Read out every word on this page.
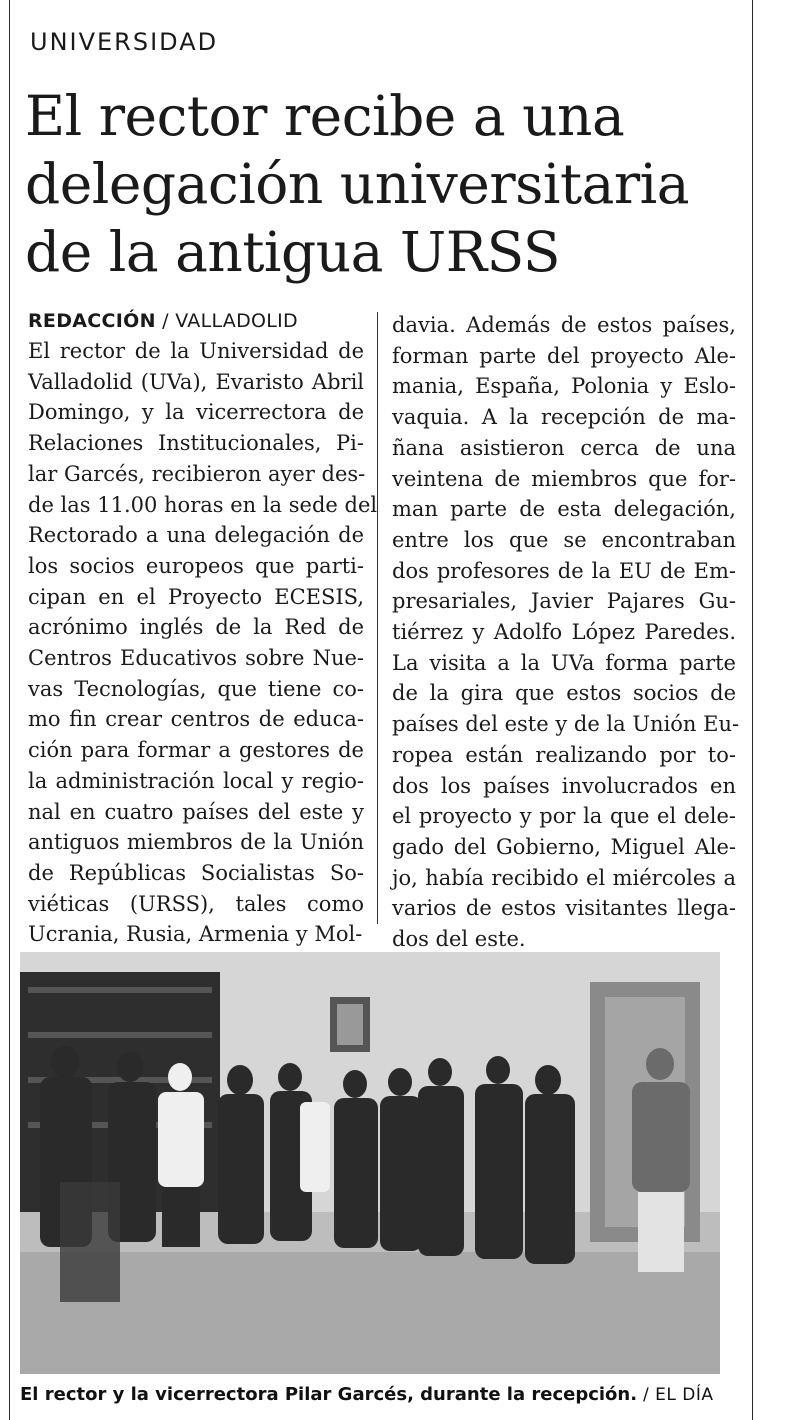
UNIVERSIDAD
El rector recibe a una
delegación universitaria
de la antigua URSS
REDACCIÓN / VALLADOLID
El rector de la Universidad de
Valladolid (UVa), Evaristo Abril
Domingo, y la vicerrectora de
Relaciones Institucionales, Pi-
lar Garcés, recibieron ayer des-
de las 11.00 horas en la sede del
Rectorado a una delegación de
los socios europeos que parti-
cipan en el Proyecto ECESIS,
acrónimo inglés de la Red de
Centros Educativos sobre Nue-
vas Tecnologías, que tiene co-
mo fin crear centros de educa-
ción para formar a gestores de
la administración local y regio-
nal en cuatro países del este y
antiguos miembros de la Unión
de Repúblicas Socialistas So-
viéticas (URSS), tales como
Ucrania, Rusia, Armenia y Mol-
davia. Además de estos países,
forman parte del proyecto Ale-
mania, España, Polonia y Eslo-
vaquia. A la recepción de ma-
ñana asistieron cerca de una
veintena de miembros que for-
man parte de esta delegación,
entre los que se encontraban
dos profesores de la EU de Em-
presariales, Javier Pajares Gu-
tiérrez y Adolfo López Paredes.
La visita a la UVa forma parte
de la gira que estos socios de
países del este y de la Unión Eu-
ropea están realizando por to-
dos los países involucrados en
el proyecto y por la que el dele-
gado del Gobierno, Miguel Ale-
jo, había recibido el miércoles a
varios de estos visitantes llega-
dos del este.
El rector y la vicerrectora Pilar Garcés, durante la recepción. / EL DÍA
